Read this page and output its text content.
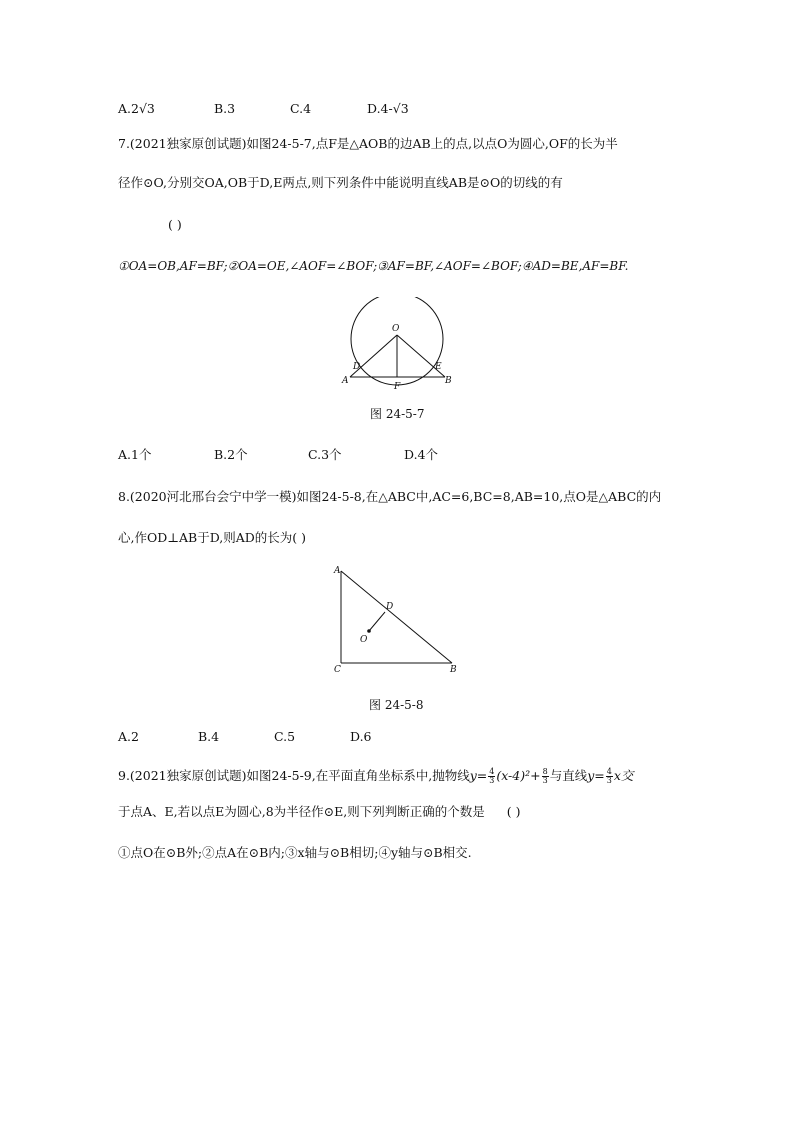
A.2√3	B.3	C.4	D.4-√3
7.(2021独家原创试题)如图24-5-7,点F是△AOB的边AB上的点,以点O为圆心,OF的长为半
径作⊙O,分别交OA,OB于D,E两点,则下列条件中能说明直线AB是⊙O的切线的有
( )
①OA=OB,AF=BF;②OA=OE,∠AOF=∠BOF;③AF=BF,∠AOF=∠BOF;④AD=BE,AF=BF.
O
D	E
A	B
F
图 24-5-7
A.1个	B.2个	C.3个	D.4个
8.(2020河北邢台会宁中学一模)如图24-5-8,在△ABC中,AC=6,BC=8,AB=10,点O是△ABC的内
心,作OD⊥AB于D,则AD的长为( )
A
C	B
D
O
图 24-5-8
A.2	B.4	C.5	D.6
9.(2021独家原创试题)如图24-5-9,在平面直角坐标系中,抛物线$y= \frac{4}{3} (x-4)^2+ \frac{8}{3}$ 与直线$y= \frac{4}{3}$ x交
于点A、E,若以点E为圆心,8为半径作⊙E,则下列判断正确的个数是 ( )
①点O在⊙B外;②点A在⊙B内;③x轴与⊙B相切;④y轴与⊙B相交.
